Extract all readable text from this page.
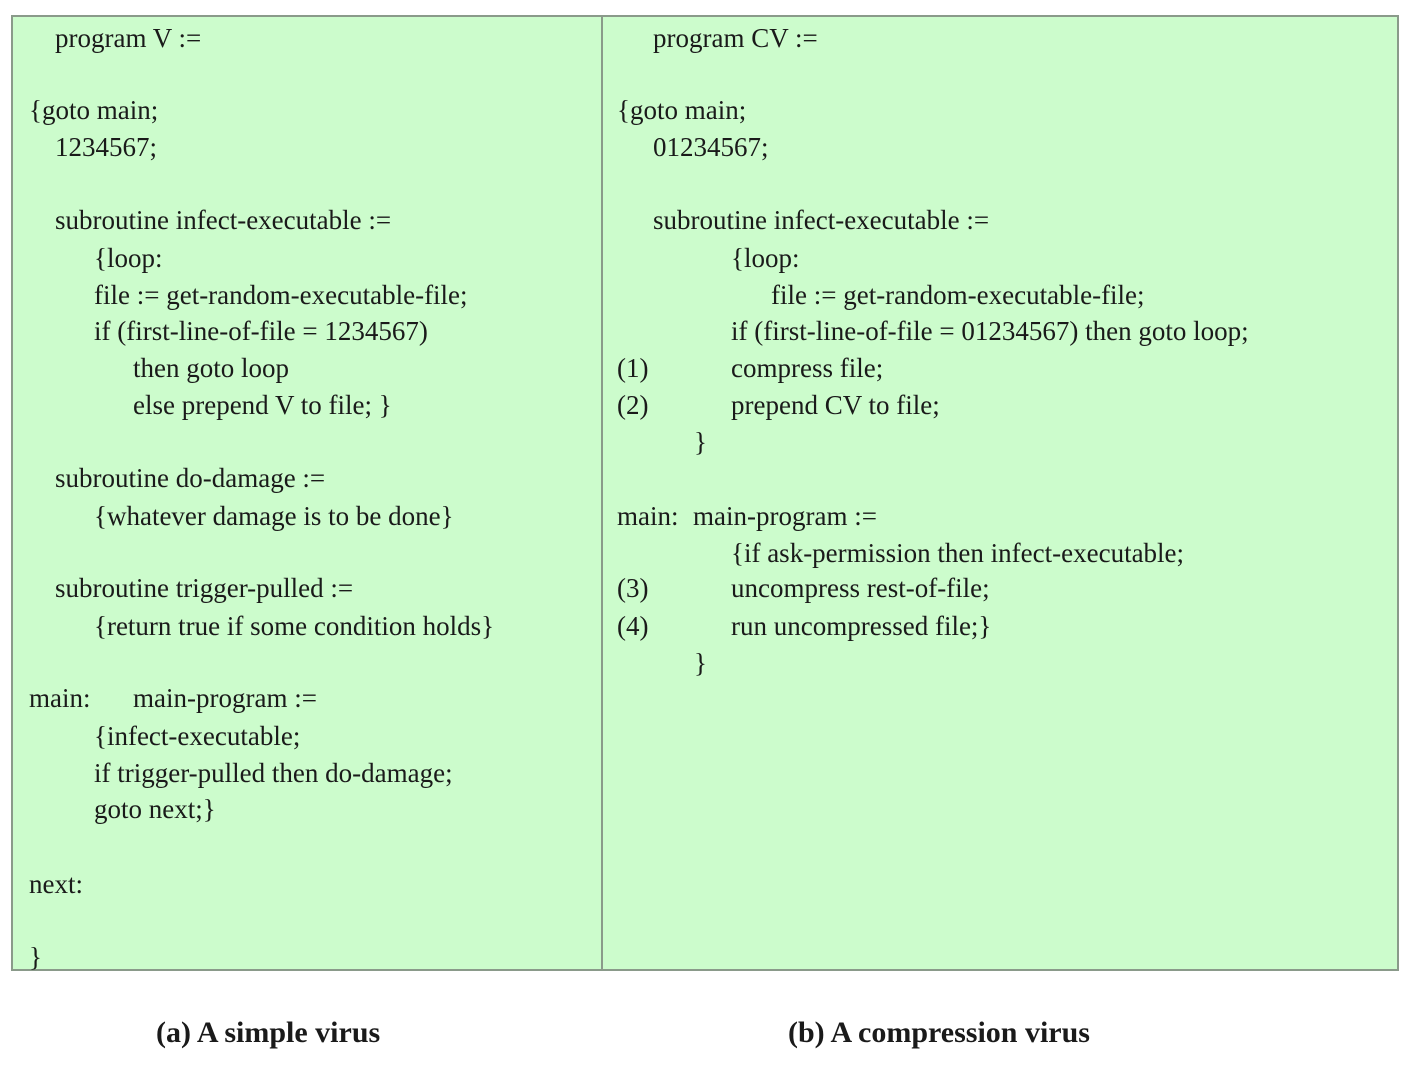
program V :=
{goto main;
1234567;
subroutine infect-executable :=
{loop:
file := get-random-executable-file;
if (first-line-of-file = 1234567)
then goto loop
else prepend V to file; }
subroutine do-damage :=
{whatever damage is to be done}
subroutine trigger-pulled :=
{return true if some condition holds}
main: main-program :=
{infect-executable;
if trigger-pulled then do-damage;
goto next;}
next:
}
program CV :=
{goto main;
01234567;
subroutine infect-executable :=
{loop:
file := get-random-executable-file;
if (first-line-of-file = 01234567) then goto loop;
(1)	compress file;
(2)	prepend CV to file;
}
main: main-program :=
{if ask-permission then infect-executable;
(3)	uncompress rest-of-file;
(4)	run uncompressed file;}
}
(a) A simple virus	(b) A compression virus
